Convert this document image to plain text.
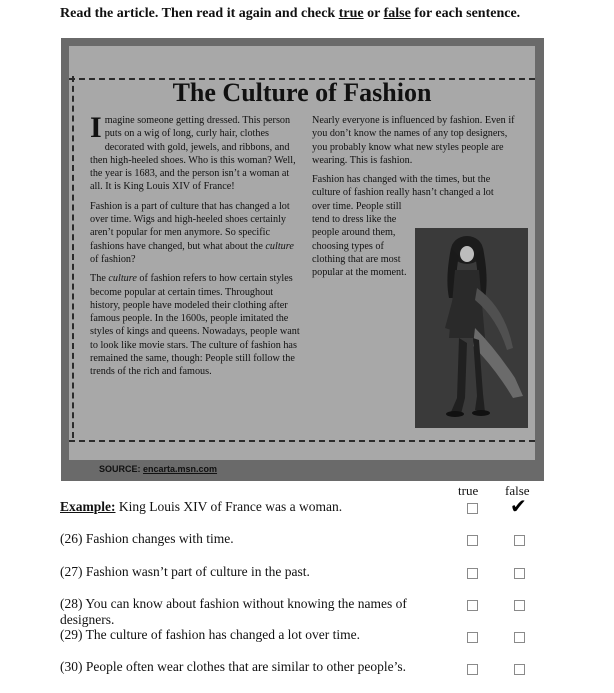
Read the article. Then read it again and check true or false for each sentence.
The Culture of Fashion

Imagine someone getting dressed. This person puts on a wig of long, curly hair, clothes decorated with gold, jewels, and ribbons, and then high-heeled shoes. Who is this woman? Well, the year is 1683, and the person isn’t a woman at all. It is King Louis XIV of France!

Fashion is a part of culture that has changed a lot over time. Wigs and high-heeled shoes certainly aren’t popular for men anymore. So specific fashions have changed, but what about the culture of fashion?

The culture of fashion refers to how certain styles become popular at certain times. Throughout history, people have modeled their clothing after famous people. In the 1600s, people imitated the styles of kings and queens. Nowadays, people want to look like movie stars. The culture of fashion has remained the same, though: People still follow the trends of the rich and famous.

Nearly everyone is influenced by fashion. Even if you don’t know the names of any top designers, you probably know what new styles people are wearing. This is fashion.

Fashion has changed with the times, but the culture of fashion really hasn’t changed a lot

over time. People still tend to dress like the people around them, choosing types of clothing that are most popular at the moment.

SOURCE: encarta.msn.com
true false
Example: King Louis XIV of France was a woman.	✔
(26) Fashion changes with time.
(27) Fashion wasn’t part of culture in the past.
(28) You can know about fashion without knowing the names of designers.
(29) The culture of fashion has changed a lot over time.
(30) People often wear clothes that are similar to other people’s.
